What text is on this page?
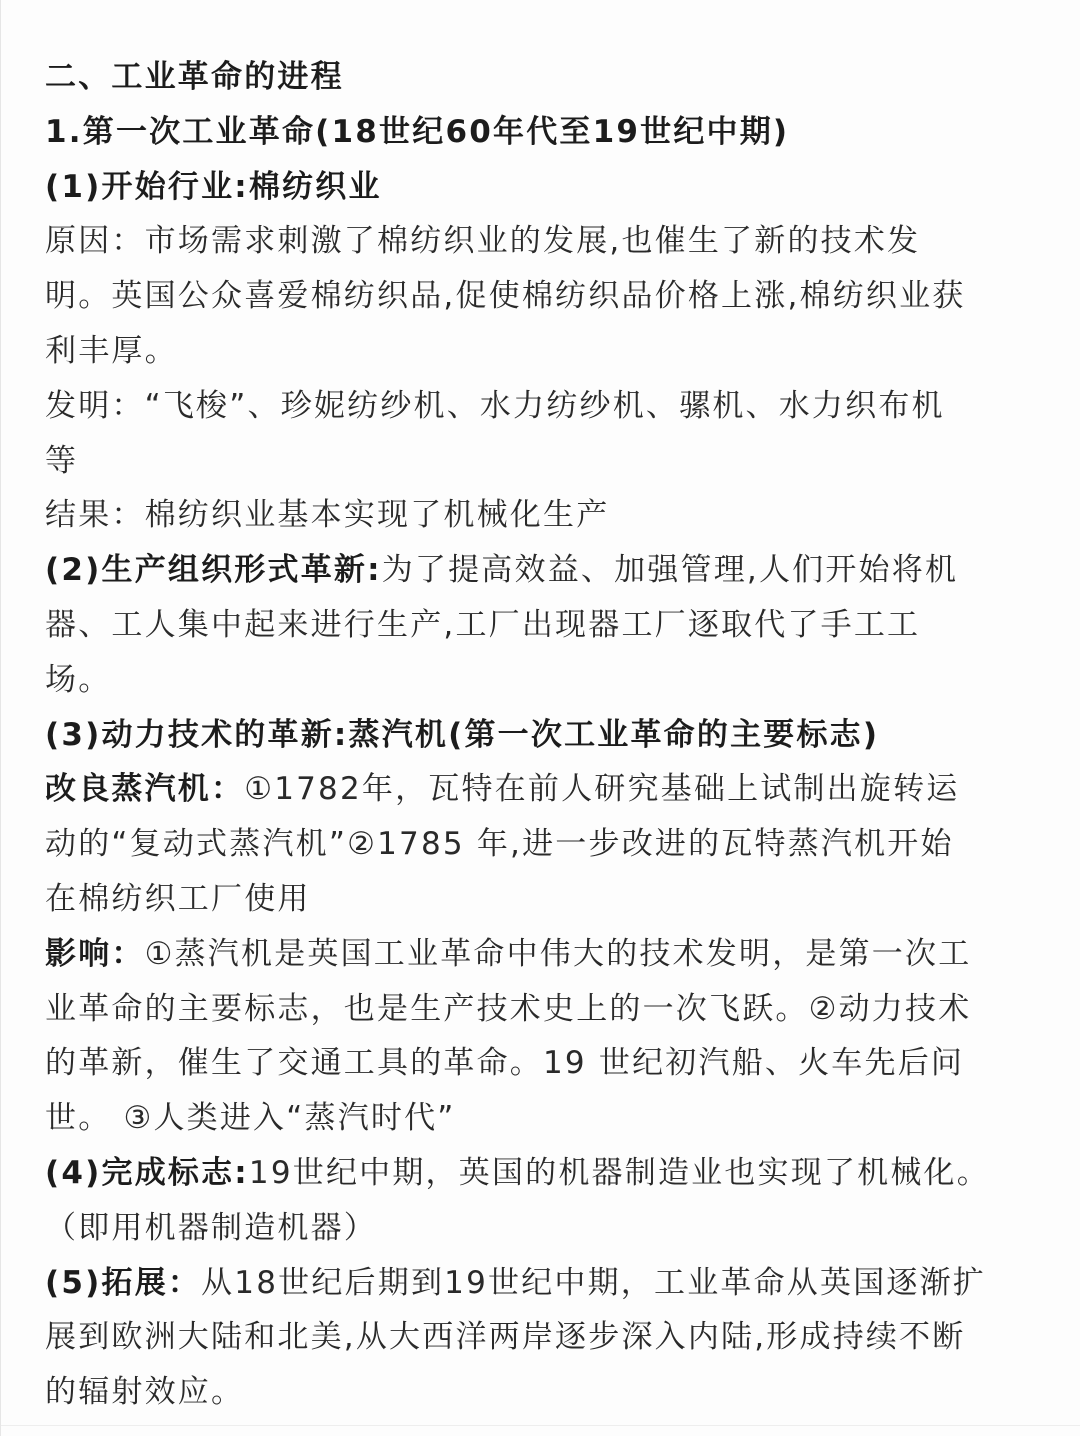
二、工业革命的进程
1.第一次工业革命(18世纪60年代至19世纪中期)
(1)开始行业:棉纺织业
原因：市场需求刺激了棉纺织业的发展,也催生了新的技术发
明。英国公众喜爱棉纺织品,促使棉纺织品价格上涨,棉纺织业获
利丰厚。
发明：“飞梭”、珍妮纺纱机、水力纺纱机、骡机、水力织布机
等
结果：棉纺织业基本实现了机械化生产
(2)生产组织形式革新:为了提高效益、加强管理,人们开始将机
器、工人集中起来进行生产,工厂出现器工厂逐取代了手工工
场。
(3)动力技术的革新:蒸汽机(第一次工业革命的主要标志)
改良蒸汽机：①1782年，瓦特在前人研究基础上试制出旋转运
动的“复动式蒸汽机”②1785 年,进一步改进的瓦特蒸汽机开始
在棉纺织工厂使用
影响：①蒸汽机是英国工业革命中伟大的技术发明，是第一次工
业革命的主要标志，也是生产技术史上的一次飞跃。②动力技术
的革新，催生了交通工具的革命。19 世纪初汽船、火车先后问
世。 ③人类进入“蒸汽时代”
(4)完成标志:19世纪中期，英国的机器制造业也实现了机械化。
（即用机器制造机器）
(5)拓展：从18世纪后期到19世纪中期，工业革命从英国逐渐扩
展到欧洲大陆和北美,从大西洋两岸逐步深入内陆,形成持续不断
的辐射效应。
